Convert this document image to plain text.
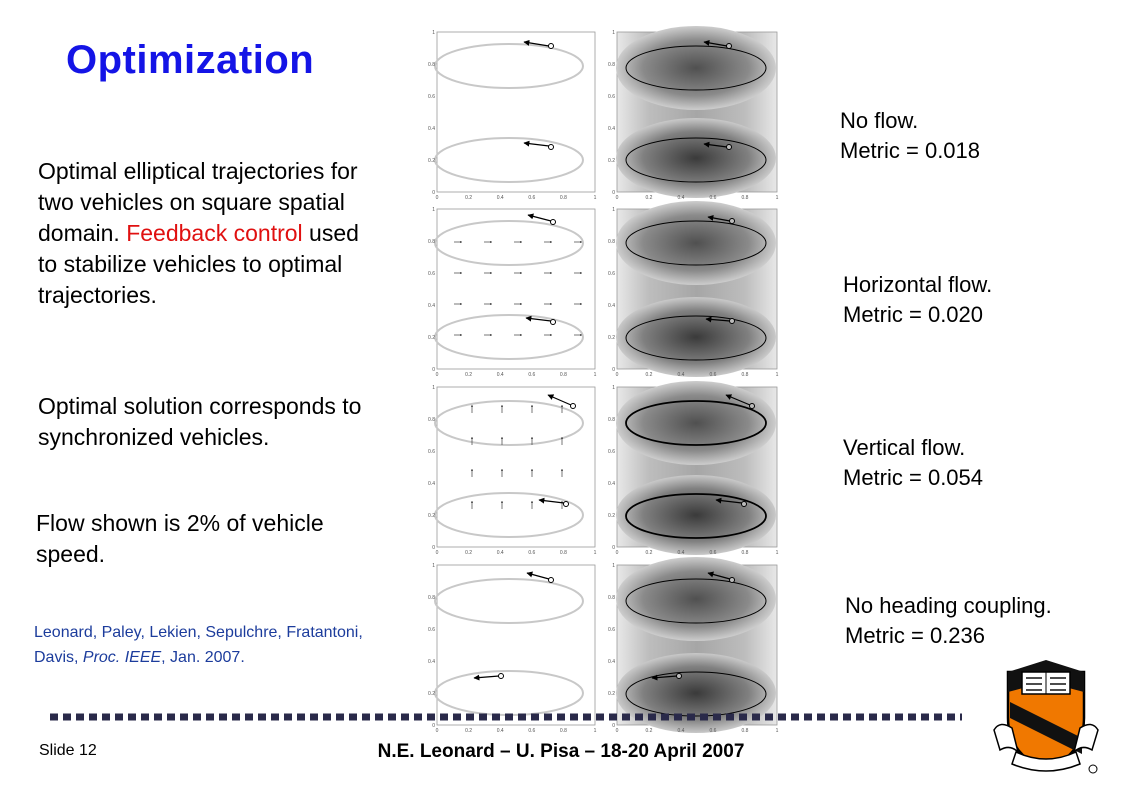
Optimization
Optimal elliptical trajectories for two vehicles on square spatial domain. Feedback control used to stabilize vehicles to optimal trajectories.
Optimal solution corresponds to synchronized vehicles.
Flow shown is 2% of vehicle speed.
Leonard, Paley, Lekien, Sepulchre, Fratantoni, Davis, Proc. IEEE, Jan. 2007.
No flow.
Metric = 0.018
Horizontal flow.
Metric = 0.020
Vertical flow.
Metric = 0.054
No heading coupling.
Metric = 0.236
0
0.2
0.4
0.6
0.8
1
0	0.2	0.4	0.6	0.8	1
0
0.2
0.4
0.6
0.8
1
0	0.2	0.4	0.6	0.8	1
0
0.2
0.4
0.6
0.8
1
0	0.2	0.4	0.6	0.8	1
0
0.2
0.4
0.6
0.8
1
0	0.2	0.4	0.6	0.8	1
0
0.2
0.4
0.6
0.8
1
0	0.2	0.4	0.6	0.8	1
0
0.2
0.4
0.6
0.8
1
0	0.2	0.4	0.6	0.8	1
0
0.2
0.4
0.6
0.8
1
0	0.2	0.4	0.6	0.8	1
0
0.2
0.4
0.6
0.8
1
0	0.2	0.4	0.6	0.8	1
Slide 12	N.E. Leonard – U. Pisa – 18-20 April 2007
